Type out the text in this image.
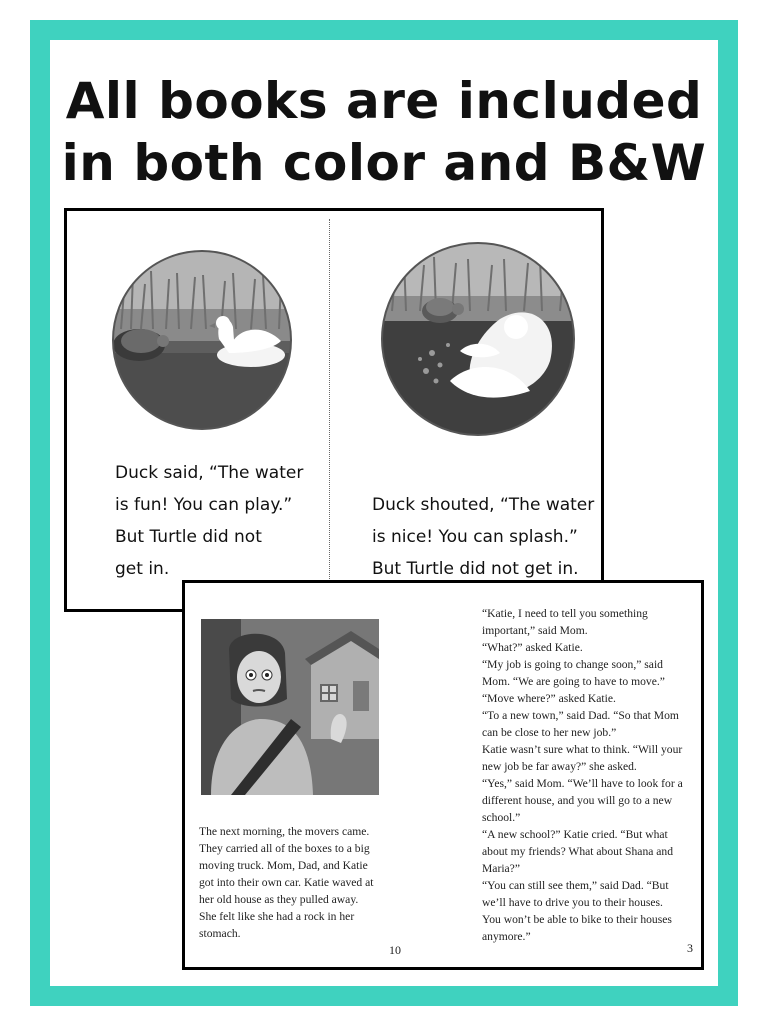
All books are included
in both color and B&W
Duck said, “The water
is fun! You can play.”
But Turtle did not
get in.
Duck shouted, “The water
is nice! You can splash.”
But Turtle did not get in.
The next morning, the movers came.
They carried all of the boxes to a big
moving truck. Mom, Dad, and Katie
got into their own car. Katie waved at
her old house as they pulled away.
She felt like she had a rock in her
stomach.
10
“Katie, I need to tell you something
important,” said Mom.
“What?” asked Katie.
“My job is going to change soon,” said
Mom. “We are going to have to move.”
“Move where?” asked Katie.
“To a new town,” said Dad. “So that Mom
can be close to her new job.”
Katie wasn’t sure what to think. “Will your
new job be far away?” she asked.
“Yes,” said Mom. “We’ll have to look for a
different house, and you will go to a new
school.”
“A new school?” Katie cried. “But what
about my friends? What about Shana and
Maria?”
“You can still see them,” said Dad. “But
we’ll have to drive you to their houses.
You won’t be able to bike to their houses
anymore.”
3
